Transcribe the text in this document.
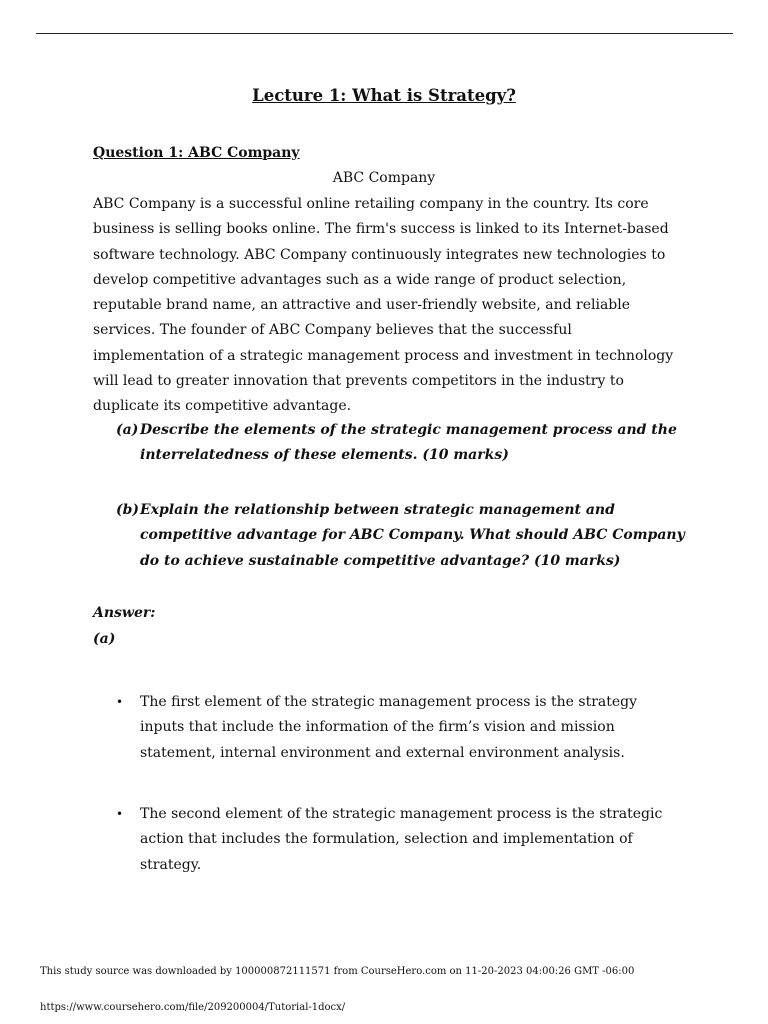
Lecture 1: What is Strategy?
Question 1: ABC Company
ABC Company
ABC Company is a successful online retailing company in the country. Its core business is selling books online. The firm's success is linked to its Internet-based software technology. ABC Company continuously integrates new technologies to develop competitive advantages such as a wide range of product selection, reputable brand name, an attractive and user-friendly website, and reliable services. The founder of ABC Company believes that the successful implementation of a strategic management process and investment in technology will lead to greater innovation that prevents competitors in the industry to duplicate its competitive advantage.
(a) Describe the elements of the strategic management process and the interrelatedness of these elements. (10 marks)
(b) Explain the relationship between strategic management and competitive advantage for ABC Company. What should ABC Company do to achieve sustainable competitive advantage? (10 marks)
Answer:
(a)
•	The first element of the strategic management process is the strategy inputs that include the information of the firm’s vision and mission statement, internal environment and external environment analysis.
•	The second element of the strategic management process is the strategic action that includes the formulation, selection and implementation of strategy.
This study source was downloaded by 100000872111571 from CourseHero.com on 11-20-2023 04:00:26 GMT -06:00
https://www.coursehero.com/file/209200004/Tutorial-1docx/
